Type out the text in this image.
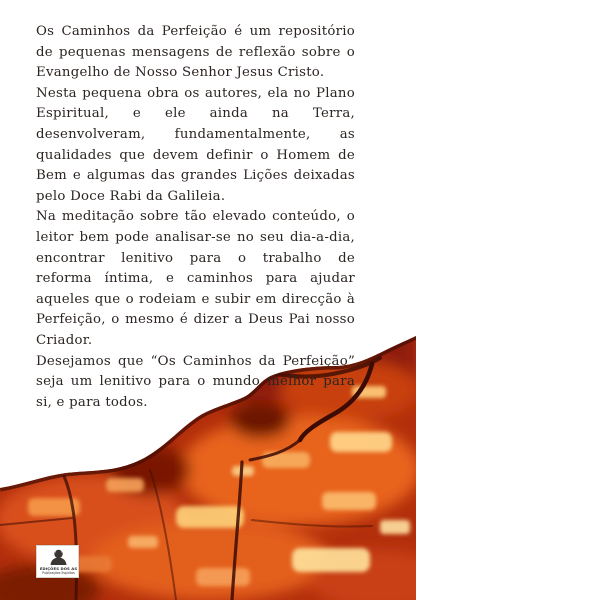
Os Caminhos da Perfeição é um repositório de pequenas mensagens de reflexão sobre o Evangelho de Nosso Senhor Jesus Cristo.

Nesta pequena obra os autores, ela no Plano Espiritual, e ele ainda na Terra, desenvolveram, fundamentalmente, as qualidades que devem definir o Homem de Bem e algumas das grandes Lições deixadas pelo Doce Rabi da Galileia.

Na meditação sobre tão elevado conteúdo, o leitor bem pode analisar-se no seu dia-a-dia, encontrar lenitivo para o trabalho de reforma íntima, e caminhos para ajudar aqueles que o rodeiam e subir em direcção à Perfeição, o mesmo é dizer a Deus Pai nosso Criador.

Desejamos que “Os Caminhos da Perfeição” seja um lenitivo para o mundo melhor para si, e para todos.

EDIÇÕES DOS AS
Publicações Espíritas
